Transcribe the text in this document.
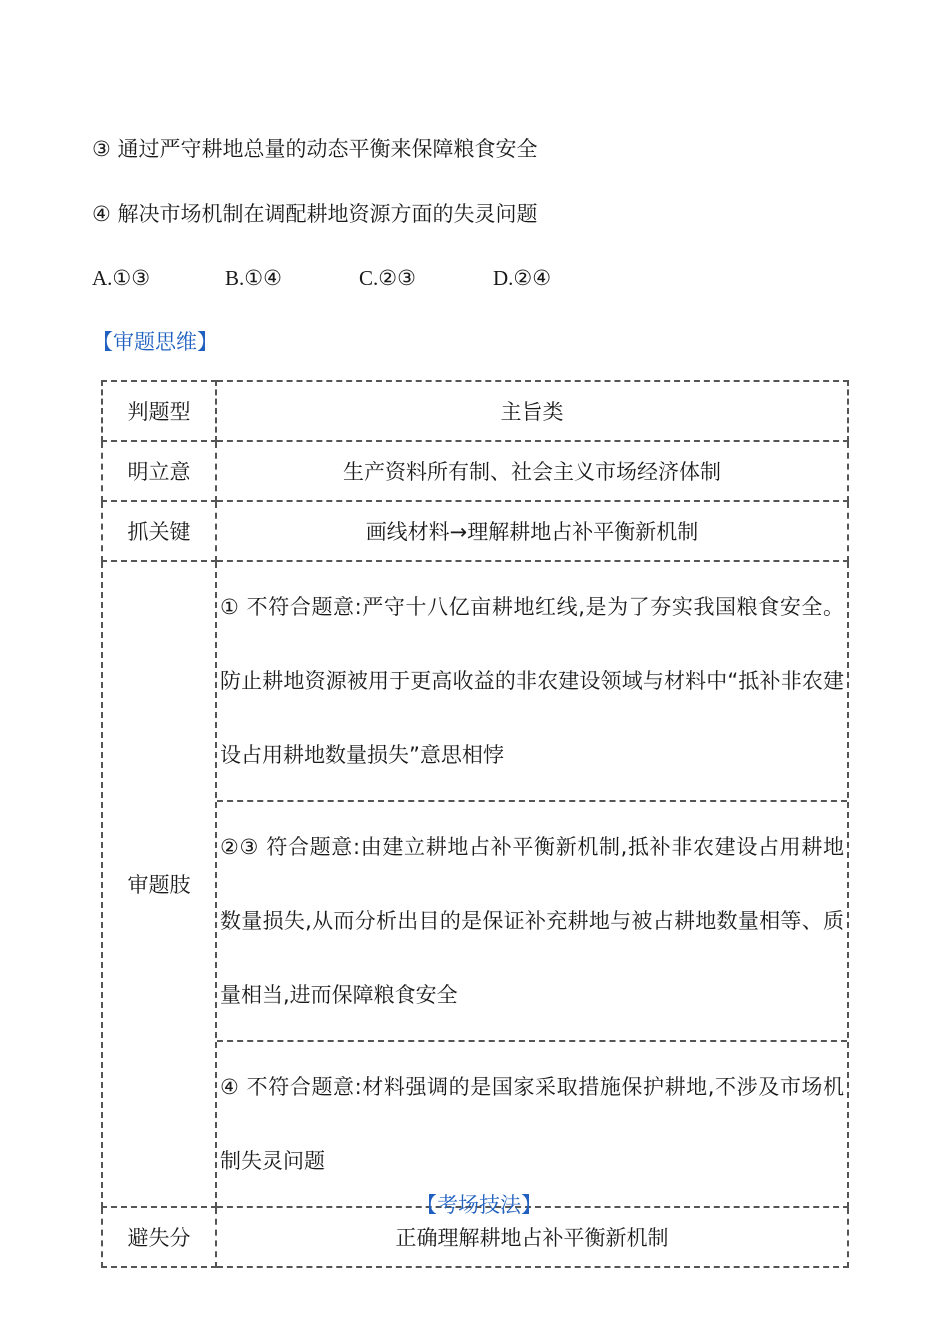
③ 通过严守耕地总量的动态平衡来保障粮食安全
④ 解决市场机制在调配耕地资源方面的失灵问题
A.①③	B.①④	C.②③	D.②④
【审题思维】
判题型	主旨类
明立意	生产资料所有制、社会主义市场经济体制
抓关键	画线材料→理解耕地占补平衡新机制
审题肢	① 不符合题意:严守十八亿亩耕地红线,是为了夯实我国粮食安全。防止耕地资源被用于更高收益的非农建设领域与材料中“抵补非农建设占用耕地数量损失”意思相悖
②③ 符合题意:由建立耕地占补平衡新机制,抵补非农建设占用耕地数量损失,从而分析出目的是保证补充耕地与被占耕地数量相等、质量相当,进而保障粮食安全
④ 不符合题意:材料强调的是国家采取措施保护耕地,不涉及市场机制失灵问题

避失分	正确理解耕地占补平衡新机制
【考场技法】
